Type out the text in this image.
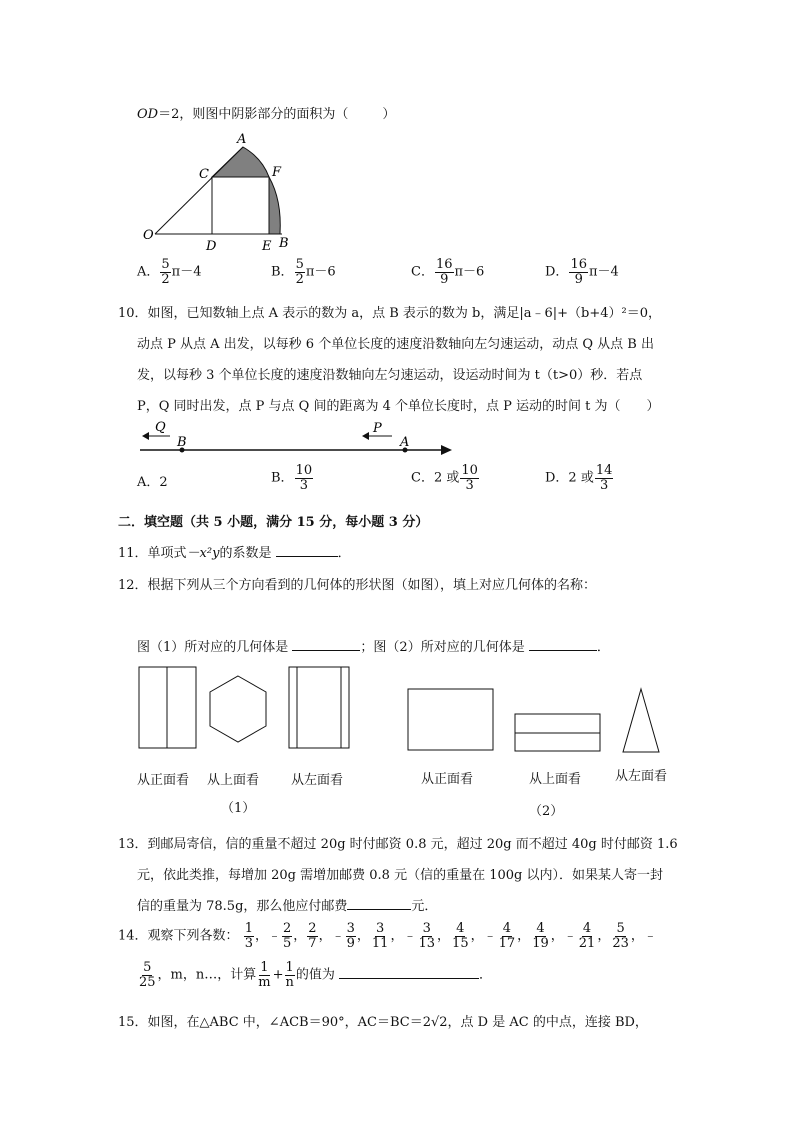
OD＝2，则图中阴影部分的面积为（	）
A
C	F
O
D	E B
A． $\frac{5}{2} \pi-4$	B． $\frac{5}{2} \pi-6$	C． $\frac{16}{9} \pi-6$	D． $\frac{16}{9} \pi-4$
10．如图，已知数轴上点 A 表示的数为 a，点 B 表示的数为 b，满足|a﹣6|+（b+4）²＝0，
动点 P 从点 A 出发，以每秒 6 个单位长度的速度沿数轴向左匀速运动，动点 Q 从点 B 出
发，以每秒 3 个单位长度的速度沿数轴向左匀速运动，设运动时间为 t（t>0）秒．若点
P，Q 同时出发，点 P 与点 Q 间的距离为 4 个单位长度时，点 P 运动的时间 t 为（　　）
Q
B
P
A
A．2	B． $\frac{10}{3}$	C．2 或 $\frac{10}{3}$	D．2 或 $\frac{14}{3}$
二．填空题（共 5 小题，满分 15 分，每小题 3 分）
11．单项式－x²y的系数是	．
12．根据下列从三个方向看到的几何体的形状图（如图），填上对应几何体的名称：
图（1）所对应的几何体是	；图（2）所对应的几何体是	．
从正面看 从上面看 从左面看
（1）
从正面看	从上面看	从左面看
（2）
13．到邮局寄信，信的重量不超过 20g 时付邮资 0.8 元，超过 20g 而不超过 40g 时付邮资 1.6
元，依此类推，每增加 20g 需增加邮费 0.8 元（信的重量在 100g 以内）．如果某人寄一封
信的重量为 78.5g，那么他应付邮费	元．
14．观察下列各数： $\frac{1}{3}$ ，﹣ $\frac{2}{5}$ ， $\frac{2}{7}$ ，﹣ $\frac{3}{9}$ ， $\frac{3}{11}$ ，﹣ $\frac{3}{13}$ ， $\frac{4}{15}$ ，﹣ $\frac{4}{17}$ ， $\frac{4}{19}$ ，﹣ $\frac{4}{21}$ ， $\frac{5}{23}$ ，﹣
$\frac{5}{25}$ ，m，n…，计算 $\frac{1}{m} + \frac{1}{n}$ 的值为	．
15．如图，在△ABC 中，∠ACB＝90°，AC＝BC＝2√2，点 D 是 AC 的中点，连接 BD，
